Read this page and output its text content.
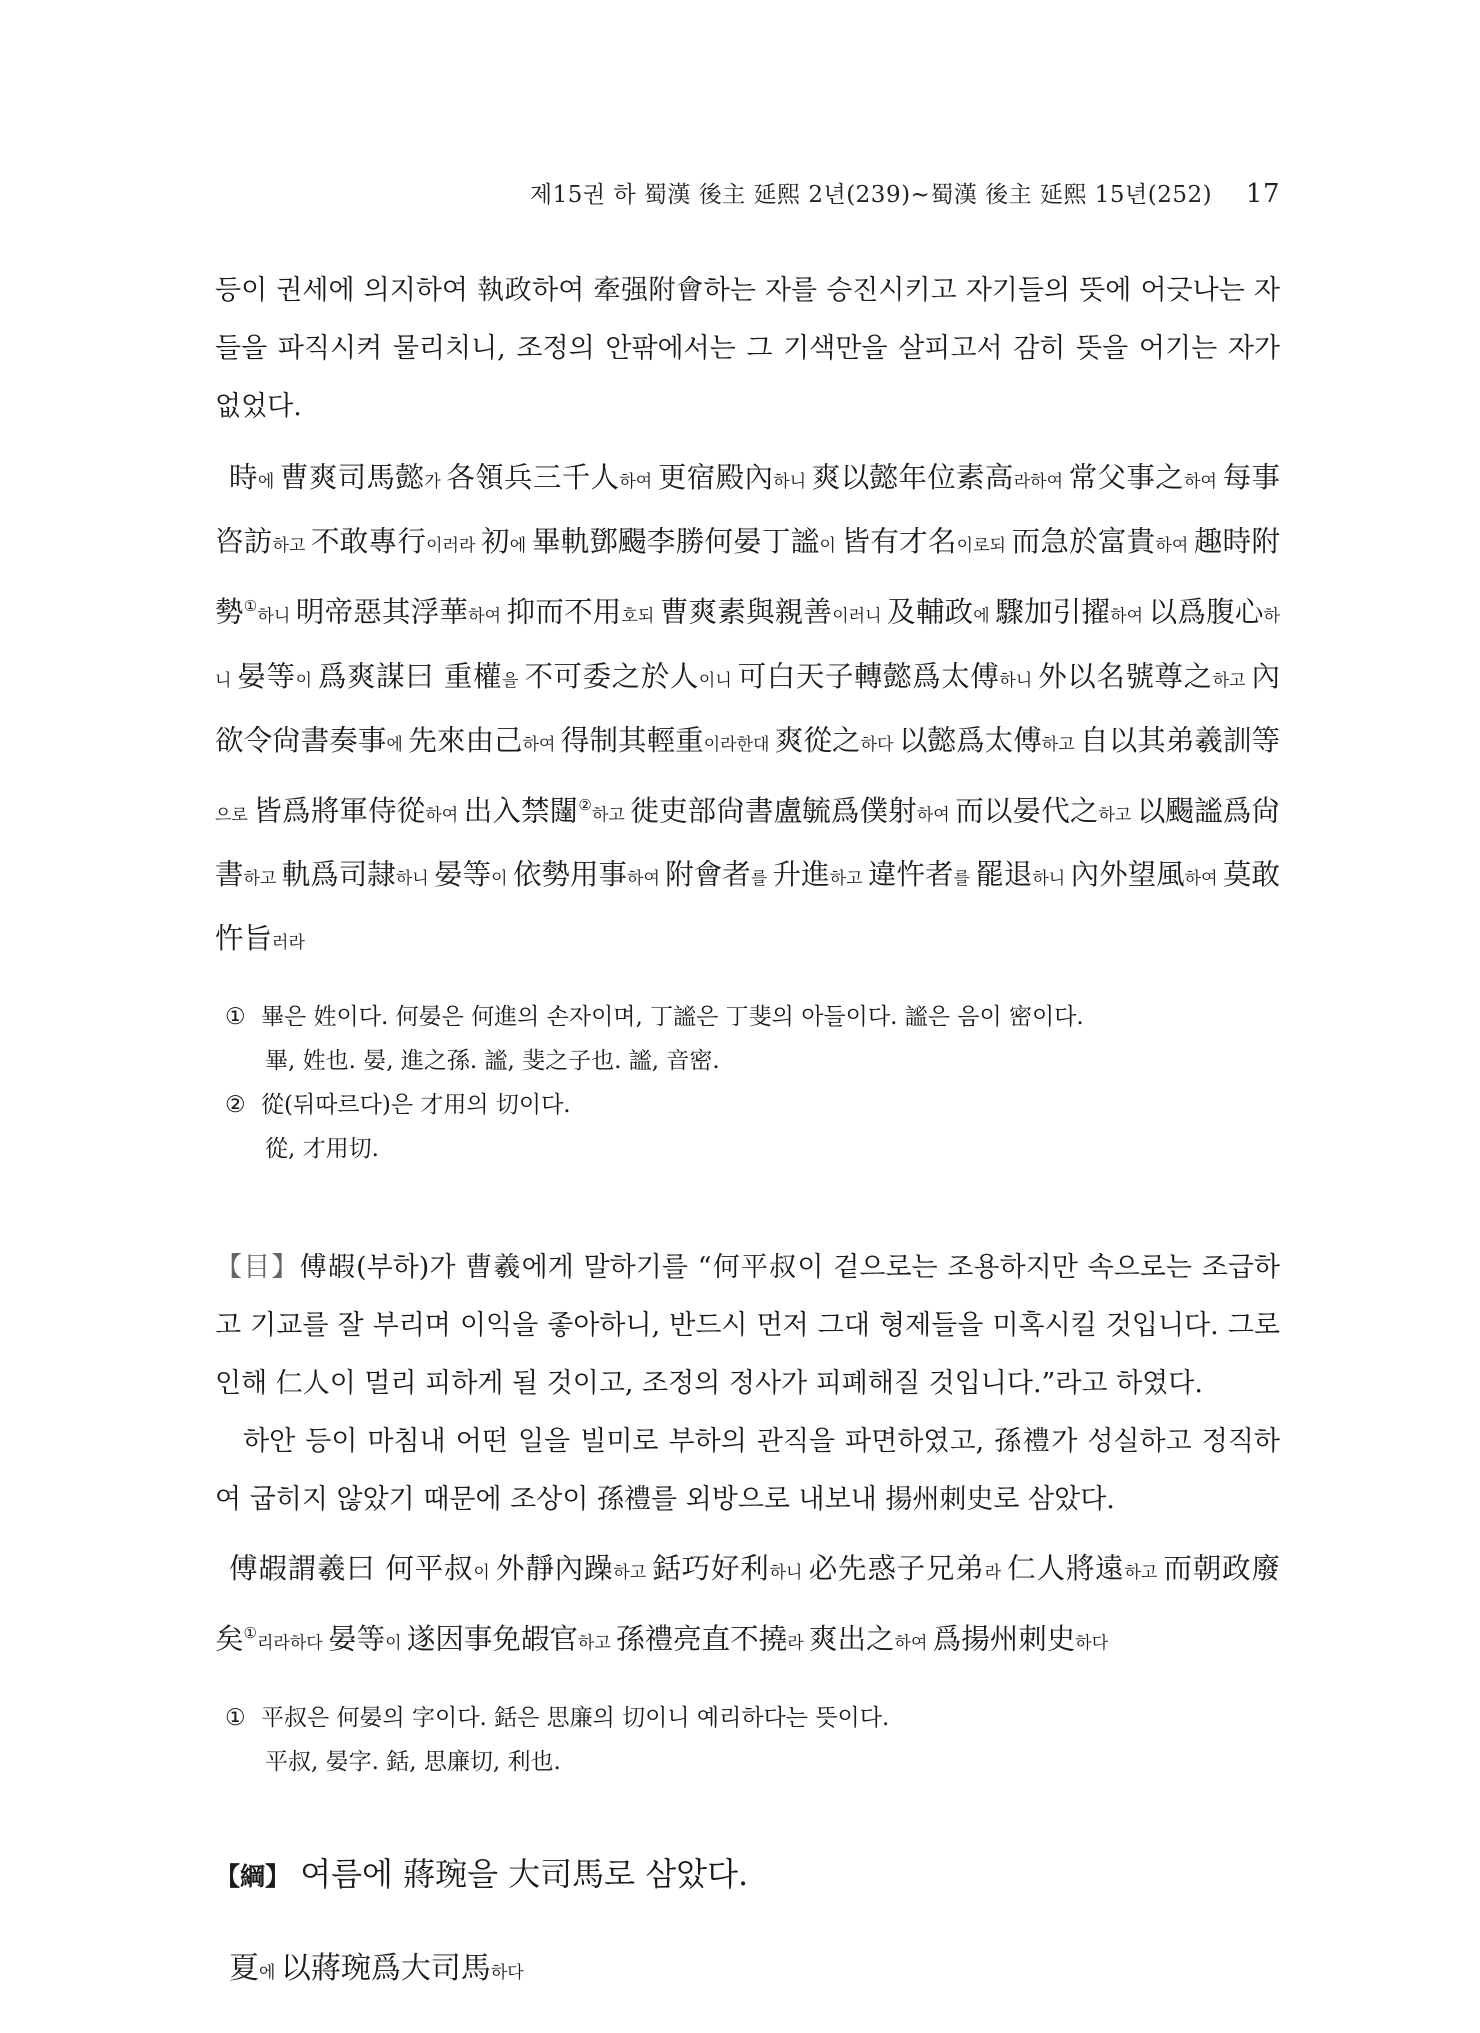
제15권 하 蜀漢 後主 延熙 2년(239)~蜀漢 後主 延熙 15년(252) 17

등이 권세에 의지하여 執政하여 牽强附會하는 자를 승진시키고 자기들의 뜻에 어긋나는 자들을 파직시켜 물리치니, 조정의 안팎에서는 그 기색만을 살피고서 감히 뜻을 어기는 자가 없었다.

時에 曹爽司馬懿가 各領兵三千人하여 更宿殿內하니 爽以懿年位素高라하여 常父事之하여 每事咨訪하고 不敢專行이러라 初에 畢軌鄧颺李勝何晏丁謐이 皆有才名이로되 而急於富貴하여 趣時附勢①하니 明帝惡其浮華하여 抑而不用호되 曹爽素與親善이러니 及輔政에 驟加引擢하여 以爲腹心하니 晏等이 爲爽謀曰 重權을 不可委之於人이니 可白天子轉懿爲太傅하니 外以名號尊之하고 內欲令尙書奏事에 先來由己하여 得制其輕重이라한대 爽從之하다 以懿爲太傅하고 自以其弟羲訓等으로 皆爲將軍侍從하여 出入禁闥②하고 徙吏部尙書盧毓爲僕射하여 而以晏代之하고 以颺謐爲尙書하고 軌爲司隷하니 晏等이 依勢用事하여 附會者를 升進하고 違忤者를 罷退하니 內外望風하여 莫敢忤旨러라

① 畢은 姓이다. 何晏은 何進의 손자이며, 丁謐은 丁斐의 아들이다. 謐은 음이 密이다.
畢, 姓也. 晏, 進之孫. 謐, 斐之子也. 謐, 音密.
② 從(뒤따르다)은 才用의 切이다.
從, 才用切.

【目】傅嘏(부하)가 曹羲에게 말하기를 “何平叔이 겉으로는 조용하지만 속으로는 조급하고 기교를 잘 부리며 이익을 좋아하니, 반드시 먼저 그대 형제들을 미혹시킬 것입니다. 그로 인해 仁人이 멀리 피하게 될 것이고, 조정의 정사가 피폐해질 것입니다.”라고 하였다.

하안 등이 마침내 어떤 일을 빌미로 부하의 관직을 파면하였고, 孫禮가 성실하고 정직하여 굽히지 않았기 때문에 조상이 孫禮를 외방으로 내보내 揚州刺史로 삼았다.

傅嘏謂羲曰 何平叔이 外靜內躁하고 銛巧好利하니 必先惑子兄弟라 仁人將遠하고 而朝政廢矣①리라하다 晏等이 遂因事免嘏官하고 孫禮亮直不撓라 爽出之하여 爲揚州刺史하다

① 平叔은 何晏의 字이다. 銛은 思廉의 切이니 예리하다는 뜻이다.
平叔, 晏字. 銛, 思廉切, 利也.

【綱】 여름에 蔣琬을 大司馬로 삼았다.

夏에 以蔣琬爲大司馬하다
